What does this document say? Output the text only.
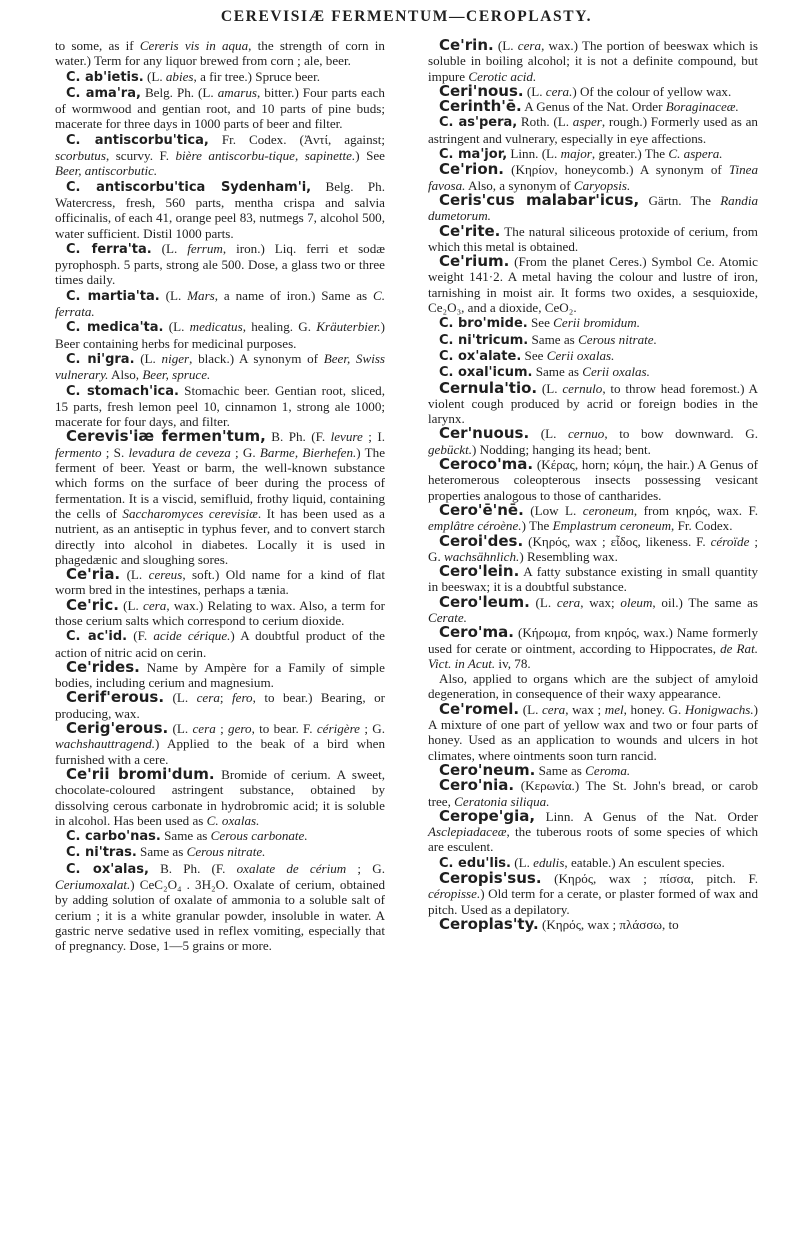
CEREVISIÆ FERMENTUM—CEROPLASTY.

to some, as if Cereris vis in aqua, the strength of corn in water.) Term for any liquor brewed from corn ; ale, beer.

C. ab'ietis. (L. abies, a fir tree.) Spruce beer.

C. ama'ra, Belg. Ph. (L. amarus, bitter.) Four parts each of wormwood and gentian root, and 10 parts of pine buds; macerate for three days in 1000 parts of beer and filter.

C. antiscorbu'tica, Fr. Codex. (Ἀντί, against; scorbutus, scurvy. F. bière antiscorbu-tique, sapinette.) See Beer, antiscorbutic.

C. antiscorbu'tica Sydenham'i, Belg. Ph. Watercress, fresh, 560 parts, mentha crispa and salvia officinalis, of each 41, orange peel 83, nutmegs 7, alcohol 500, water sufficient. Distil 1000 parts.

C. ferra'ta. (L. ferrum, iron.) Liq. ferri et sodæ pyrophosph. 5 parts, strong ale 500. Dose, a glass two or three times daily.

C. martia'ta. (L. Mars, a name of iron.) Same as C. ferrata.

C. medica'ta. (L. medicatus, healing. G. Kräuterbier.) Beer containing herbs for medicinal purposes.

C. ni'gra. (L. niger, black.) A synonym of Beer, Swiss vulnerary. Also, Beer, spruce.

C. stomach'ica. Stomachic beer. Gentian root, sliced, 15 parts, fresh lemon peel 10, cinnamon 1, strong ale 1000; macerate for four days, and filter.

Cerevis'iæ fermen'tum, B. Ph. (F. levure ; I. fermento ; S. levadura de ceveza ; G. Barme, Bierhefen.) The ferment of beer. Yeast or barm, the well-known substance which forms on the surface of beer during the process of fermentation. It is a viscid, semifluid, frothy liquid, containing the cells of Saccharomyces cerevisiæ. It has been used as a nutrient, as an antiseptic in typhus fever, and to convert starch directly into alcohol in diabetes. Locally it is used in phagedænic and sloughing sores.

Ce'ria. (L. cereus, soft.) Old name for a kind of flat worm bred in the intestines, perhaps a tænia.

Ce'ric. (L. cera, wax.) Relating to wax. Also, a term for those cerium salts which correspond to cerium dioxide.

C. ac'id. (F. acide cérique.) A doubtful product of the action of nitric acid on cerin.

Ce'rides. Name by Ampère for a Family of simple bodies, including cerium and magnesium.

Cerif'erous. (L. cera; fero, to bear.) Bearing, or producing, wax.

Cerig'erous. (L. cera ; gero, to bear. F. cérigère ; G. wachshauttragend.) Applied to the beak of a bird when furnished with a cere.

Ce'rii bromi'dum. Bromide of cerium. A sweet, chocolate-coloured astringent substance, obtained by dissolving cerous carbonate in hydrobromic acid; it is soluble in alcohol. Has been used as C. oxalas.

C. carbo'nas. Same as Cerous carbonate.

C. ni'tras. Same as Cerous nitrate.

C. ox'alas, B. Ph. (F. oxalate de cérium ; G. Ceriumoxalat.) CeC₂O₄ . 3H₂O. Oxalate of cerium, obtained by adding solution of oxalate of ammonia to a soluble salt of cerium ; it is a white granular powder, insoluble in water. A gastric nerve sedative used in reflex vomiting, especially that of pregnancy. Dose, 1—5 grains or more.

Ce'rin. (L. cera, wax.) The portion of beeswax which is soluble in boiling alcohol; it is not a definite compound, but impure Cerotic acid.

Ceri'nous. (L. cera.) Of the colour of yellow wax.

Cerinth'ē. A Genus of the Nat. Order Boraginaceæ.

C. as'pera, Roth. (L. asper, rough.) Formerly used as an astringent and vulnerary, especially in eye affections.

C. ma'jor, Linn. (L. major, greater.) The C. aspera.

Ce'rion. (Κηρίον, honeycomb.) A synonym of Tinea favosa. Also, a synonym of Caryopsis.

Ceris'cus malabar'icus, Gärtn. The Randia dumetorum.

Ce'rite. The natural siliceous protoxide of cerium, from which this metal is obtained.

Ce'rium. (From the planet Ceres.) Symbol Ce. Atomic weight 141·2. A metal having the colour and lustre of iron, tarnishing in moist air. It forms two oxides, a sesquioxide, Ce₂O₃, and a dioxide, CeO₂.

C. bro'mide. See Cerii bromidum.

C. ni'tricum. Same as Cerous nitrate.

C. ox'alate. See Cerii oxalas.

C. oxal'icum. Same as Cerii oxalas.

Cernula'tio. (L. cernulo, to throw head foremost.) A violent cough produced by acrid or foreign bodies in the larynx.

Cer'nuous. (L. cernuo, to bow downward. G. gebückt.) Nodding; hanging its head; bent.

Ceroco'ma. (Κέρας, horn; κόμη, the hair.) A Genus of heteromerous coleopterous insects possessing vesicant properties analogous to those of cantharides.

Cero'ē'nē. (Low L. ceroneum, from κηρός, wax. F. emplâtre céroène.) The Emplastrum ceroneum, Fr. Codex.

Ceroi'des. (Κηρός, wax ; εἶδος, likeness. F. céroïde ; G. wachsähnlich.) Resembling wax.

Cero'lein. A fatty substance existing in small quantity in beeswax; it is a doubtful substance.

Cero'leum. (L. cera, wax; oleum, oil.) The same as Cerate.

Cero'ma. (Κήρωμα, from κηρός, wax.) Name formerly used for cerate or ointment, according to Hippocrates, de Rat. Vict. in Acut. iv, 78.

Also, applied to organs which are the subject of amyloid degeneration, in consequence of their waxy appearance.

Ce'romel. (L. cera, wax ; mel, honey. G. Honigwachs.) A mixture of one part of yellow wax and two or four parts of honey. Used as an application to wounds and ulcers in hot climates, where ointments soon turn rancid.

Cero'neum. Same as Ceroma.

Cero'nia. (Κερωνία.) The St. John's bread, or carob tree, Ceratonia siliqua.

Cerope'gia, Linn. A Genus of the Nat. Order Asclepiadaceæ, the tuberous roots of some species of which are esculent.

C. edu'lis. (L. edulis, eatable.) An esculent species.

Ceropis'sus. (Κηρός, wax ; πίσσα, pitch. F. céropisse.) Old term for a cerate, or plaster formed of wax and pitch. Used as a depilatory.

Ceroplas'ty. (Κηρός, wax ; πλάσσω, to
